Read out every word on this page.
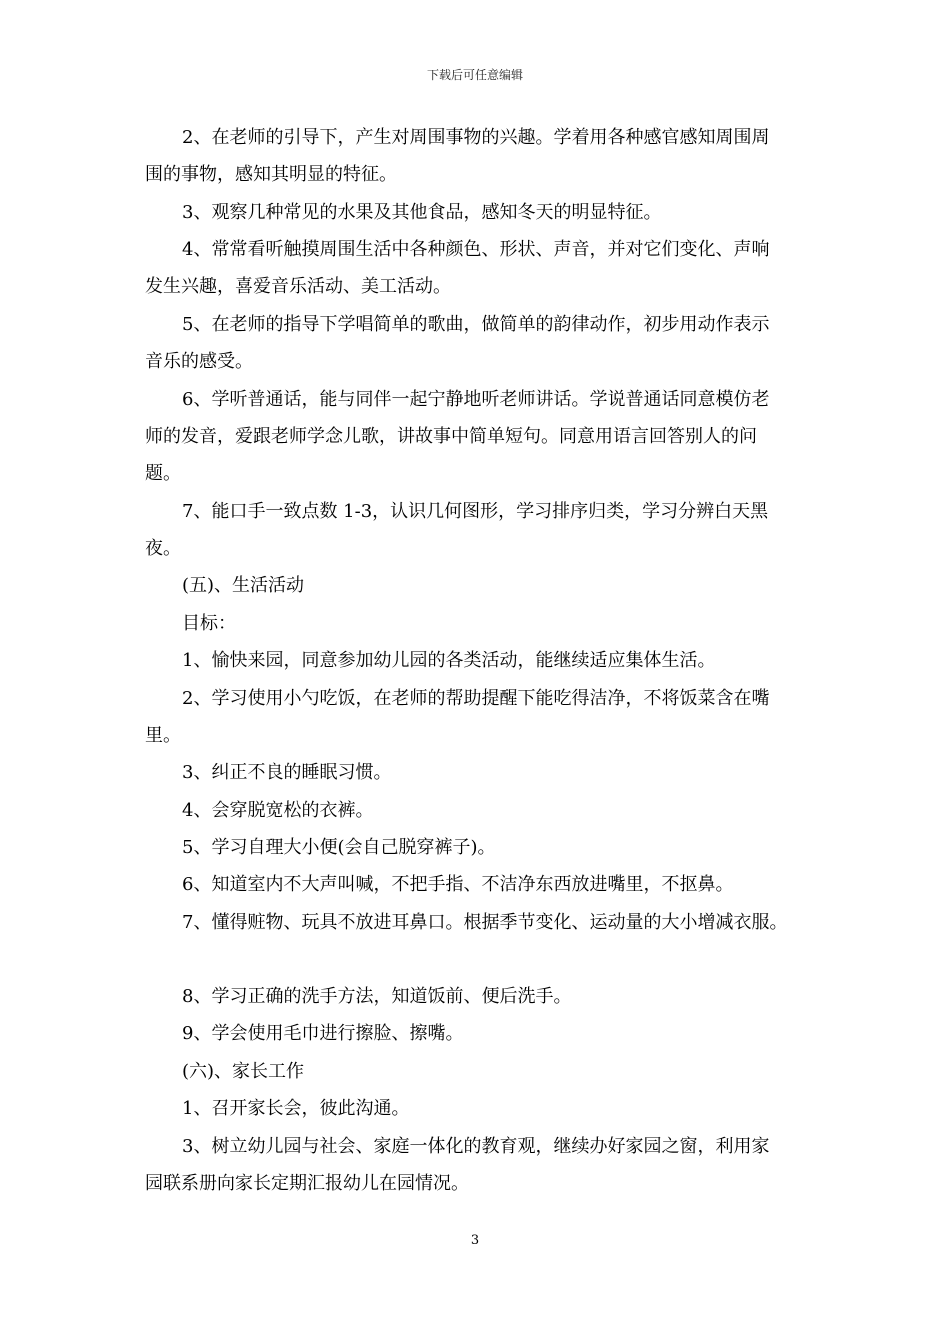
下载后可任意编辑
2、在老师的引导下，产生对周围事物的兴趣。学着用各种感官感知周围周
围的事物，感知其明显的特征。
3、观察几种常见的水果及其他食品，感知冬天的明显特征。
4、常常看听触摸周围生活中各种颜色、形状、声音，并对它们变化、声响
发生兴趣，喜爱音乐活动、美工活动。
5、在老师的指导下学唱简单的歌曲，做简单的韵律动作，初步用动作表示
音乐的感受。
6、学听普通话，能与同伴一起宁静地听老师讲话。学说普通话同意模仿老
师的发音，爱跟老师学念儿歌，讲故事中简单短句。同意用语言回答别人的问
题。
7、能口手一致点数 1-3，认识几何图形，学习排序归类，学习分辨白天黑
夜。
(五)、生活活动
目标：
1、愉快来园，同意参加幼儿园的各类活动，能继续适应集体生活。
2、学习使用小勺吃饭，在老师的帮助提醒下能吃得洁净，不将饭菜含在嘴
里。
3、纠正不良的睡眠习惯。
4、会穿脱宽松的衣裤。
5、学习自理大小便(会自己脱穿裤子)。
6、知道室内不大声叫喊，不把手指、不洁净东西放进嘴里，不抠鼻。
7、懂得赃物、玩具不放进耳鼻口。根据季节变化、运动量的大小增减衣服。
8、学习正确的洗手方法，知道饭前、便后洗手。
9、学会使用毛巾进行擦脸、擦嘴。
(六)、家长工作
1、召开家长会，彼此沟通。
3、树立幼儿园与社会、家庭一体化的教育观，继续办好家园之窗，利用家
园联系册向家长定期汇报幼儿在园情况。
3
